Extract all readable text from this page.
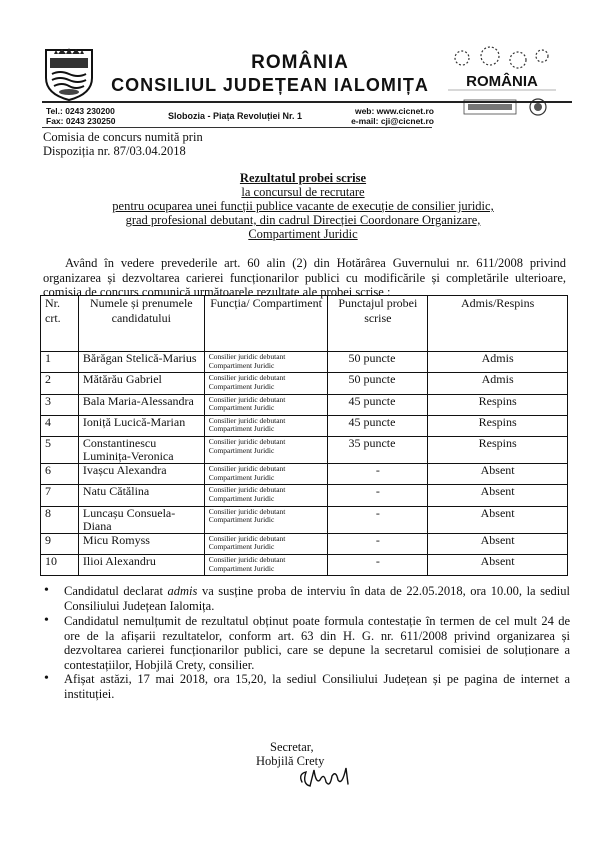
ROMÂNIA
CONSILIUL JUDEȚEAN IALOMIȚA	ROMÂNIA
Tel.: 0243 230200
Fax: 0243 230250	Slobozia - Piața Revoluției Nr. 1	web: www.cicnet.ro
e-mail: cji@cicnet.ro
Comisia de concurs numită prin
Dispoziția nr. 87/03.04.2018
Rezultatul probei scrise
la concursul de recrutare
pentru ocuparea unei funcții publice vacante de execuție de consilier juridic,
grad profesional debutant, din cadrul Direcției Coordonare Organizare,
Compartiment Juridic
Având în vedere prevederile art. 60 alin (2) din Hotărârea Guvernului nr. 611/2008 privind organizarea și dezvoltarea carierei funcționarilor publici cu modificările și completările ulterioare, comisia de concurs comunică următoarele rezultate ale probei scrise :
Nr. crt.	Numele și prenumele candidatului	Funcția/ Compartiment	Punctajul probei scrise	Admis/Respins
1	Bărăgan Stelică-Marius	Consilier juridic debutant
Compartiment Juridic	50 puncte	Admis
2	Mătărău Gabriel	Consilier juridic debutant
Compartiment Juridic	50 puncte	Admis
3	Bala Maria-Alessandra	Consilier juridic debutant
Compartiment Juridic	45 puncte	Respins
4	Ioniță Lucică-Marian	Consilier juridic debutant
Compartiment Juridic	45 puncte	Respins
5	Constantinescu Luminița-Veronica	Consilier juridic debutant
Compartiment Juridic	35 puncte	Respins
6	Ivașcu Alexandra	Consilier juridic debutant
Compartiment Juridic	-	Absent
7	Natu Cătălina	Consilier juridic debutant
Compartiment Juridic	-	Absent
8	Luncașu Consuela-Diana	Consilier juridic debutant
Compartiment Juridic	-	Absent
9	Micu Romyss	Consilier juridic debutant
Compartiment Juridic	-	Absent
10	Ilioi Alexandru	Consilier juridic debutant
Compartiment Juridic	-	Absent
• Candidatul declarat admis va susține proba de interviu în data de 22.05.2018, ora 10.00, la sediul Consiliului Județean Ialomița.
• Candidatul nemulțumit de rezultatul obținut poate formula contestație în termen de cel mult 24 de ore de la afișarii rezultatelor, conform art. 63 din H. G. nr. 611/2008 privind organizarea și dezvoltarea carierei funcționarilor publici, care se depune la secretarul comisiei de soluționare a contestațiilor, Hobjilă Crety, consilier.
• Afișat astăzi, 17 mai 2018, ora 15,20, la sediul Consiliului Județean și pe pagina de internet a instituției.
Secretar,
Hobjilă Crety
